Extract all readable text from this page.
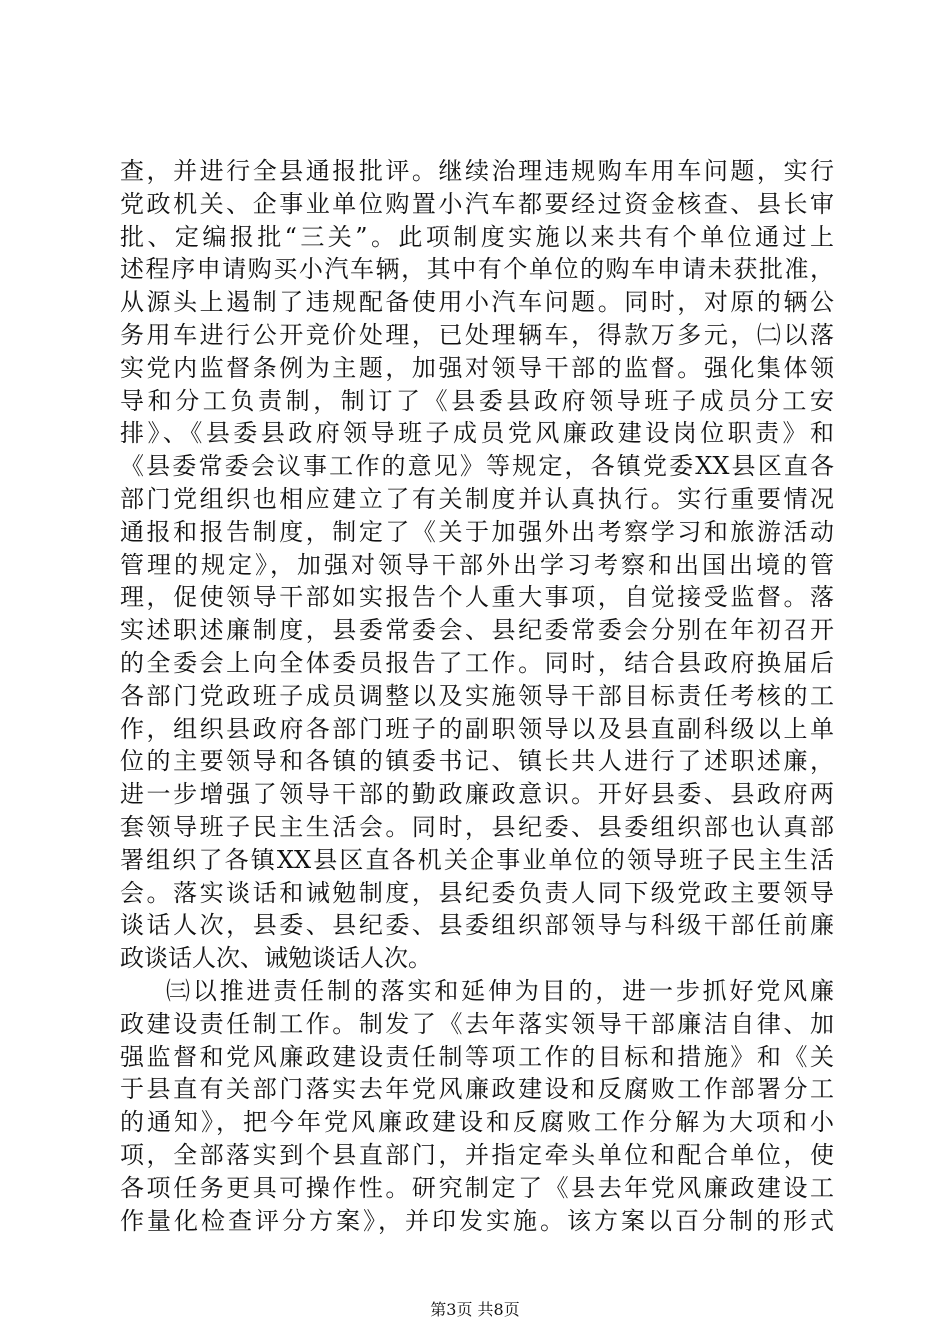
查，并进行全县通报批评。继续治理违规购车用车问题，实行
党政机关、企事业单位购置小汽车都要经过资金核查、县长审
批、定编报批“三关”。此项制度实施以来共有个单位通过上
述程序申请购买小汽车辆，其中有个单位的购车申请未获批准，
从源头上遏制了违规配备使用小汽车问题。同时，对原的辆公
务用车进行公开竞价处理，已处理辆车，得款万多元，㈡以落
实党内监督条例为主题，加强对领导干部的监督。强化集体领
导和分工负责制，制订了《县委县政府领导班子成员分工安
排》、《县委县政府领导班子成员党风廉政建设岗位职责》和
《县委常委会议事工作的意见》等规定，各镇党委XX县区直各
部门党组织也相应建立了有关制度并认真执行。实行重要情况
通报和报告制度，制定了《关于加强外出考察学习和旅游活动
管理的规定》，加强对领导干部外出学习考察和出国出境的管
理，促使领导干部如实报告个人重大事项，自觉接受监督。落
实述职述廉制度，县委常委会、县纪委常委会分别在年初召开
的全委会上向全体委员报告了工作。同时，结合县政府换届后
各部门党政班子成员调整以及实施领导干部目标责任考核的工
作，组织县政府各部门班子的副职领导以及县直副科级以上单
位的主要领导和各镇的镇委书记、镇长共人进行了述职述廉，
进一步增强了领导干部的勤政廉政意识。开好县委、县政府两
套领导班子民主生活会。同时，县纪委、县委组织部也认真部
署组织了各镇XX县区直各机关企事业单位的领导班子民主生活
会。落实谈话和诫勉制度，县纪委负责人同下级党政主要领导
谈话人次，县委、县纪委、县委组织部领导与科级干部任前廉
政谈话人次、诫勉谈话人次。
㈢以推进责任制的落实和延伸为目的，进一步抓好党风廉
政建设责任制工作。制发了《去年落实领导干部廉洁自律、加
强监督和党风廉政建设责任制等项工作的目标和措施》和《关
于县直有关部门落实去年党风廉政建设和反腐败工作部署分工
的通知》，把今年党风廉政建设和反腐败工作分解为大项和小
项，全部落实到个县直部门，并指定牵头单位和配合单位，使
各项任务更具可操作性。研究制定了《县去年党风廉政建设工
作量化检查评分方案》，并印发实施。该方案以百分制的形式
第3页 共8页
